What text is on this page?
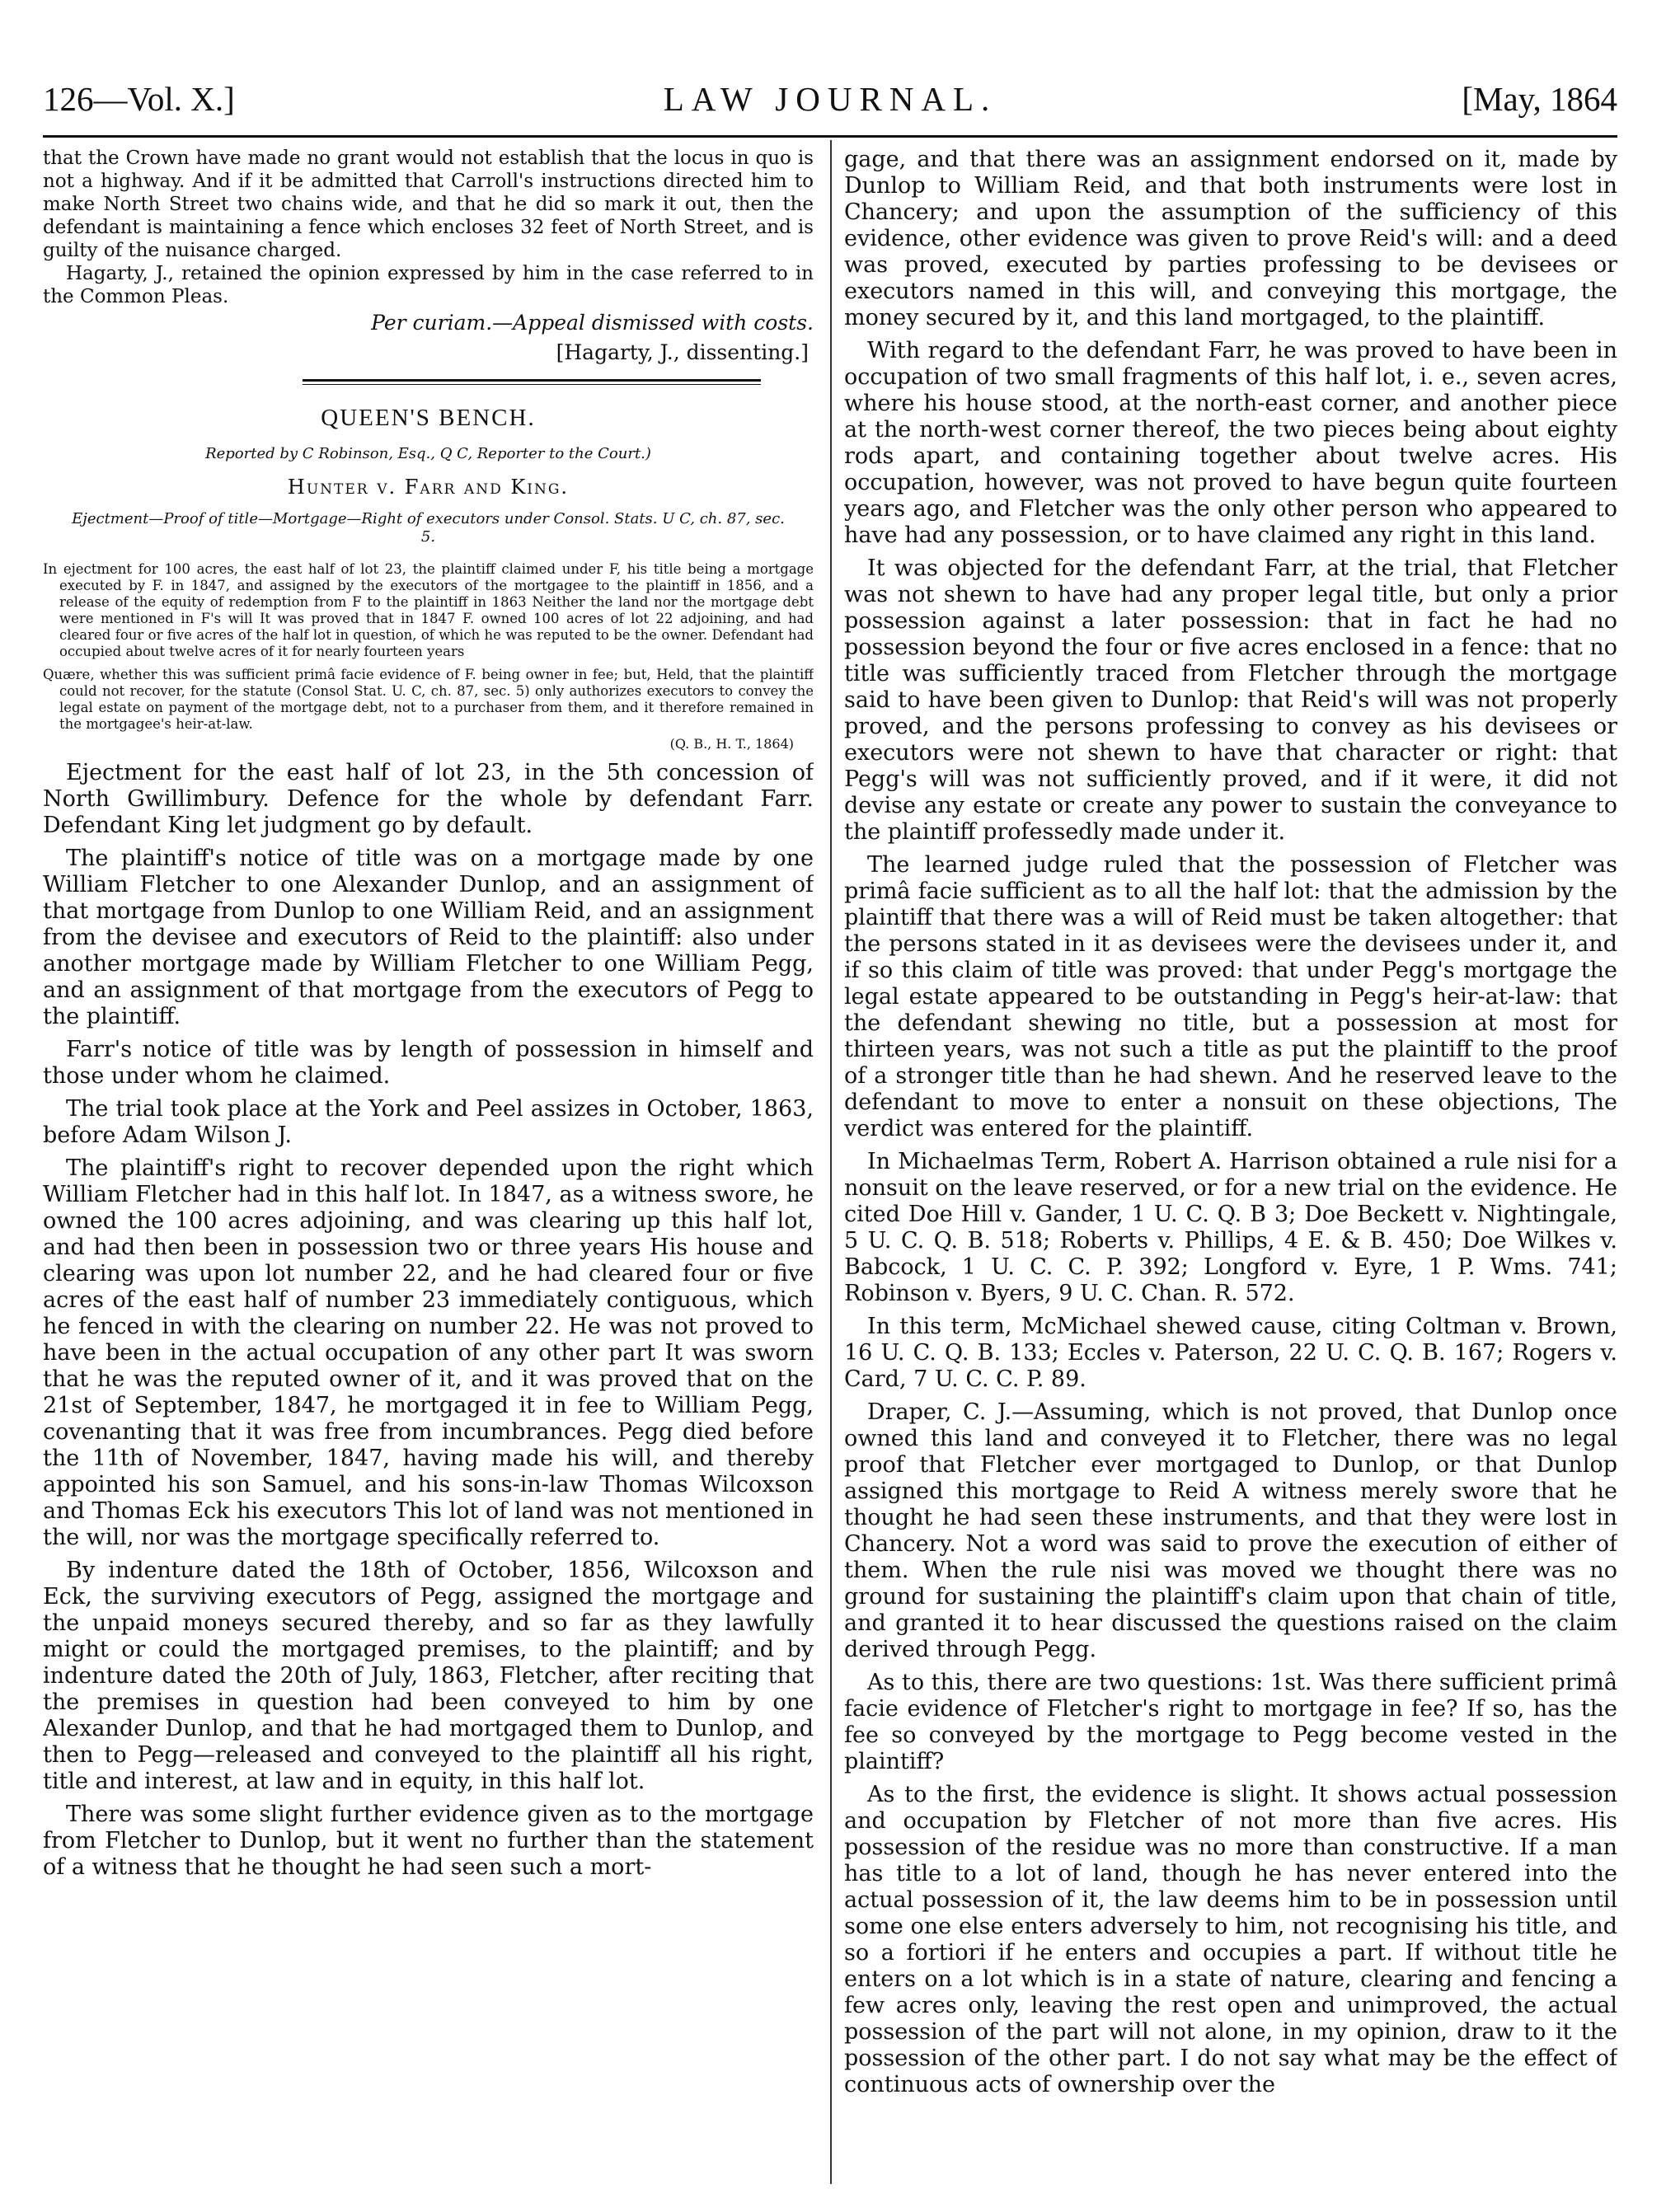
126—Vol. X.]	LAW JOURNAL.	[May, 1864

that the Crown have made no grant would not establish that the locus in quo is not a highway. And if it be admitted that Carroll's instructions directed him to make North Street two chains wide, and that he did so mark it out, then the defendant is maintaining a fence which encloses 32 feet of North Street, and is guilty of the nuisance charged.

Hagarty, J., retained the opinion expressed by him in the case referred to in the Common Pleas.

Per curiam.—Appeal dismissed with costs.

[Hagarty, J., dissenting.]

QUEEN'S BENCH.

Reported by C Robinson, Esq., Q C, Reporter to the Court.)

Hunter v. Farr and King.

Ejectment—Proof of title—Mortgage—Right of executors under Consol. Stats. U C, ch. 87, sec. 5.

In ejectment for 100 acres, the east half of lot 23, the plaintiff claimed under F, his title being a mortgage executed by F. in 1847, and assigned by the executors of the mortgagee to the plaintiff in 1856, and a release of the equity of redemption from F to the plaintiff in 1863 Neither the land nor the mortgage debt were mentioned in F's will It was proved that in 1847 F. owned 100 acres of lot 22 adjoining, and had cleared four or five acres of the half lot in question, of which he was reputed to be the owner. Defendant had occupied about twelve acres of it for nearly fourteen years

Quære, whether this was sufficient primâ facie evidence of F. being owner in fee; but, Held, that the plaintiff could not recover, for the statute (Consol Stat. U. C, ch. 87, sec. 5) only authorizes executors to convey the legal estate on payment of the mortgage debt, not to a purchaser from them, and it therefore remained in the mortgagee's heir-at-law.

(Q. B., H. T., 1864)

Ejectment for the east half of lot 23, in the 5th concession of North Gwillimbury. Defence for the whole by defendant Farr. Defendant King let judgment go by default.

The plaintiff's notice of title was on a mortgage made by one William Fletcher to one Alexander Dunlop, and an assignment of that mortgage from Dunlop to one William Reid, and an assignment from the devisee and executors of Reid to the plaintiff: also under another mortgage made by William Fletcher to one William Pegg, and an assignment of that mortgage from the executors of Pegg to the plaintiff.

Farr's notice of title was by length of possession in himself and those under whom he claimed.

The trial took place at the York and Peel assizes in October, 1863, before Adam Wilson J.

The plaintiff's right to recover depended upon the right which William Fletcher had in this half lot. In 1847, as a witness swore, he owned the 100 acres adjoining, and was clearing up this half lot, and had then been in possession two or three years His house and clearing was upon lot number 22, and he had cleared four or five acres of the east half of number 23 immediately contiguous, which he fenced in with the clearing on number 22. He was not proved to have been in the actual occupation of any other part It was sworn that he was the reputed owner of it, and it was proved that on the 21st of September, 1847, he mortgaged it in fee to William Pegg, covenanting that it was free from incumbrances. Pegg died before the 11th of November, 1847, having made his will, and thereby appointed his son Samuel, and his sons-in-law Thomas Wilcoxson and Thomas Eck his executors This lot of land was not mentioned in the will, nor was the mortgage specifically referred to.

By indenture dated the 18th of October, 1856, Wilcoxson and Eck, the surviving executors of Pegg, assigned the mortgage and the unpaid moneys secured thereby, and so far as they lawfully might or could the mortgaged premises, to the plaintiff; and by indenture dated the 20th of July, 1863, Fletcher, after reciting that the premises in question had been conveyed to him by one Alexander Dunlop, and that he had mortgaged them to Dunlop, and then to Pegg—released and conveyed to the plaintiff all his right, title and interest, at law and in equity, in this half lot.

There was some slight further evidence given as to the mortgage from Fletcher to Dunlop, but it went no further than the statement of a witness that he thought he had seen such a mort-

gage, and that there was an assignment endorsed on it, made by Dunlop to William Reid, and that both instruments were lost in Chancery; and upon the assumption of the sufficiency of this evidence, other evidence was given to prove Reid's will: and a deed was proved, executed by parties professing to be devisees or executors named in this will, and conveying this mortgage, the money secured by it, and this land mortgaged, to the plaintiff.

With regard to the defendant Farr, he was proved to have been in occupation of two small fragments of this half lot, i. e., seven acres, where his house stood, at the north-east corner, and another piece at the north-west corner thereof, the two pieces being about eighty rods apart, and containing together about twelve acres. His occupation, however, was not proved to have begun quite fourteen years ago, and Fletcher was the only other person who appeared to have had any possession, or to have claimed any right in this land.

It was objected for the defendant Farr, at the trial, that Fletcher was not shewn to have had any proper legal title, but only a prior possession against a later possession: that in fact he had no possession beyond the four or five acres enclosed in a fence: that no title was sufficiently traced from Fletcher through the mortgage said to have been given to Dunlop: that Reid's will was not properly proved, and the persons professing to convey as his devisees or executors were not shewn to have that character or right: that Pegg's will was not sufficiently proved, and if it were, it did not devise any estate or create any power to sustain the conveyance to the plaintiff professedly made under it.

The learned judge ruled that the possession of Fletcher was primâ facie sufficient as to all the half lot: that the admission by the plaintiff that there was a will of Reid must be taken altogether: that the persons stated in it as devisees were the devisees under it, and if so this claim of title was proved: that under Pegg's mortgage the legal estate appeared to be outstanding in Pegg's heir-at-law: that the defendant shewing no title, but a possession at most for thirteen years, was not such a title as put the plaintiff to the proof of a stronger title than he had shewn. And he reserved leave to the defendant to move to enter a nonsuit on these objections, The verdict was entered for the plaintiff.

In Michaelmas Term, Robert A. Harrison obtained a rule nisi for a nonsuit on the leave reserved, or for a new trial on the evidence. He cited Doe Hill v. Gander, 1 U. C. Q. B 3; Doe Beckett v. Nightingale, 5 U. C. Q. B. 518; Roberts v. Phillips, 4 E. & B. 450; Doe Wilkes v. Babcock, 1 U. C. C. P. 392; Longford v. Eyre, 1 P. Wms. 741; Robinson v. Byers, 9 U. C. Chan. R. 572.

In this term, McMichael shewed cause, citing Coltman v. Brown, 16 U. C. Q. B. 133; Eccles v. Paterson, 22 U. C. Q. B. 167; Rogers v. Card, 7 U. C. C. P. 89.

Draper, C. J.—Assuming, which is not proved, that Dunlop once owned this land and conveyed it to Fletcher, there was no legal proof that Fletcher ever mortgaged to Dunlop, or that Dunlop assigned this mortgage to Reid A witness merely swore that he thought he had seen these instruments, and that they were lost in Chancery. Not a word was said to prove the execution of either of them. When the rule nisi was moved we thought there was no ground for sustaining the plaintiff's claim upon that chain of title, and granted it to hear discussed the questions raised on the claim derived through Pegg.

As to this, there are two questions: 1st. Was there sufficient primâ facie evidence of Fletcher's right to mortgage in fee? If so, has the fee so conveyed by the mortgage to Pegg become vested in the plaintiff?

As to the first, the evidence is slight. It shows actual possession and occupation by Fletcher of not more than five acres. His possession of the residue was no more than constructive. If a man has title to a lot of land, though he has never entered into the actual possession of it, the law deems him to be in possession until some one else enters adversely to him, not recognising his title, and so a fortiori if he enters and occupies a part. If without title he enters on a lot which is in a state of nature, clearing and fencing a few acres only, leaving the rest open and unimproved, the actual possession of the part will not alone, in my opinion, draw to it the possession of the other part. I do not say what may be the effect of continuous acts of ownership over the
